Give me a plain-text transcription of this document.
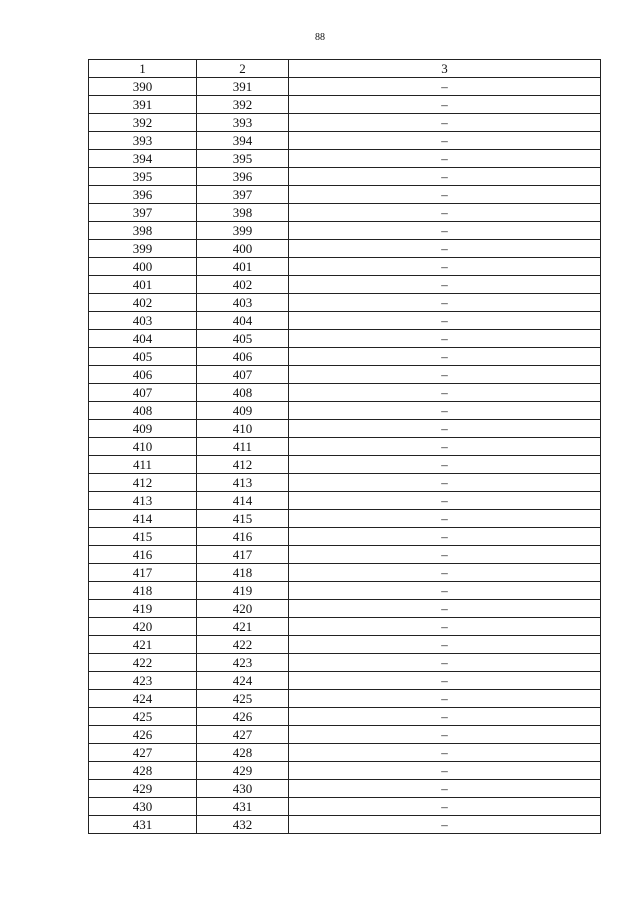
88
1	2	3
390	391	–
391	392	–
392	393	–
393	394	–
394	395	–
395	396	–
396	397	–
397	398	–
398	399	–
399	400	–
400	401	–
401	402	–
402	403	–
403	404	–
404	405	–
405	406	–
406	407	–
407	408	–
408	409	–
409	410	–
410	411	–
411	412	–
412	413	–
413	414	–
414	415	–
415	416	–
416	417	–
417	418	–
418	419	–
419	420	–
420	421	–
421	422	–
422	423	–
423	424	–
424	425	–
425	426	–
426	427	–
427	428	–
428	429	–
429	430	–
430	431	–
431	432	–
